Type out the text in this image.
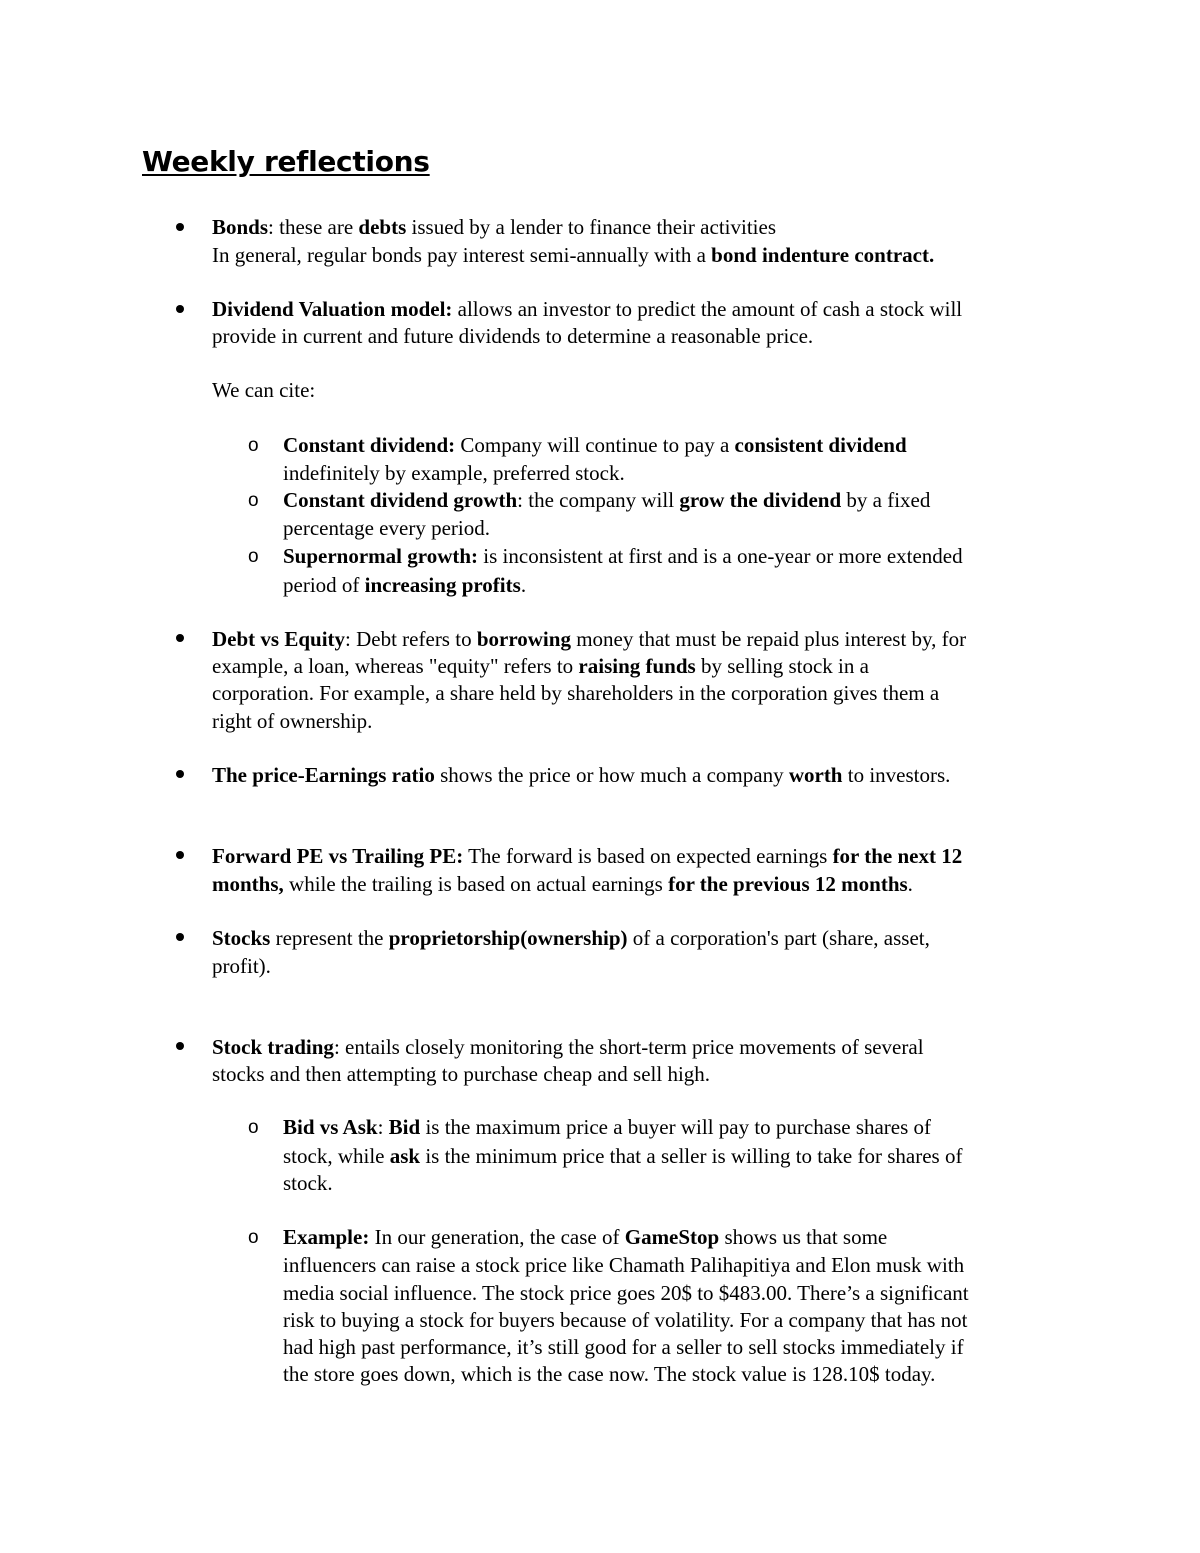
Weekly reflections
Bonds: these are debts issued by a lender to finance their activities
In general, regular bonds pay interest semi-annually with a bond indenture contract.
Dividend Valuation model: allows an investor to predict the amount of cash a stock will
provide in current and future dividends to determine a reasonable price.
We can cite:
o Constant dividend: Company will continue to pay a consistent dividend
indefinitely by example, preferred stock.
o Constant dividend growth: the company will grow the dividend by a fixed
percentage every period.
o Supernormal growth: is inconsistent at first and is a one-year or more extended
period of increasing profits.
Debt vs Equity: Debt refers to borrowing money that must be repaid plus interest by, for
example, a loan, whereas "equity" refers to raising funds by selling stock in a
corporation. For example, a share held by shareholders in the corporation gives them a
right of ownership.
The price-Earnings ratio shows the price or how much a company worth to investors.
Forward PE vs Trailing PE: The forward is based on expected earnings for the next 12
months, while the trailing is based on actual earnings for the previous 12 months.
Stocks represent the proprietorship(ownership) of a corporation's part (share, asset,
profit).
Stock trading: entails closely monitoring the short-term price movements of several
stocks and then attempting to purchase cheap and sell high.
o Bid vs Ask: Bid is the maximum price a buyer will pay to purchase shares of
stock, while ask is the minimum price that a seller is willing to take for shares of
stock.
o Example: In our generation, the case of GameStop shows us that some
influencers can raise a stock price like Chamath Palihapitiya and Elon musk with
media social influence. The stock price goes 20$ to $483.00. There’s a significant
risk to buying a stock for buyers because of volatility. For a company that has not
had high past performance, it’s still good for a seller to sell stocks immediately if
the store goes down, which is the case now. The stock value is 128.10$ today.
